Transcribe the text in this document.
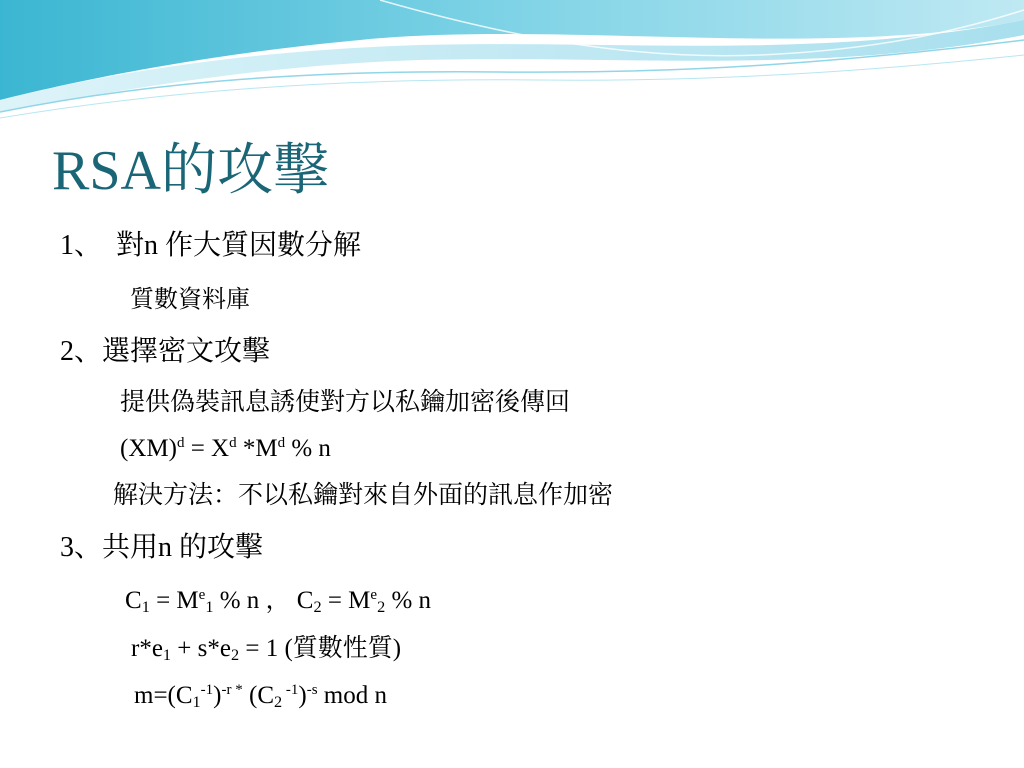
RSA的攻擊
1、 對n 作大質因數分解
質數資料庫
2、選擇密文攻擊
提供偽裝訊息誘使對方以私鑰加密後傳回
$(XM)^d = X^d$ $*M^d$ % n
解決方法：不以私鑰對來自外面的訊息作加密
3、共用n 的攻擊
$C_1 = M^e_1$ % n ， $C_2 = M^e_2$ % n
$r*e_1 + s*e_2 = 1$ (質數性質)
$m=(C_1^{-1})^{-r *}$ ($C_2$ $^{-1}$)$^{-s}$ mod n
